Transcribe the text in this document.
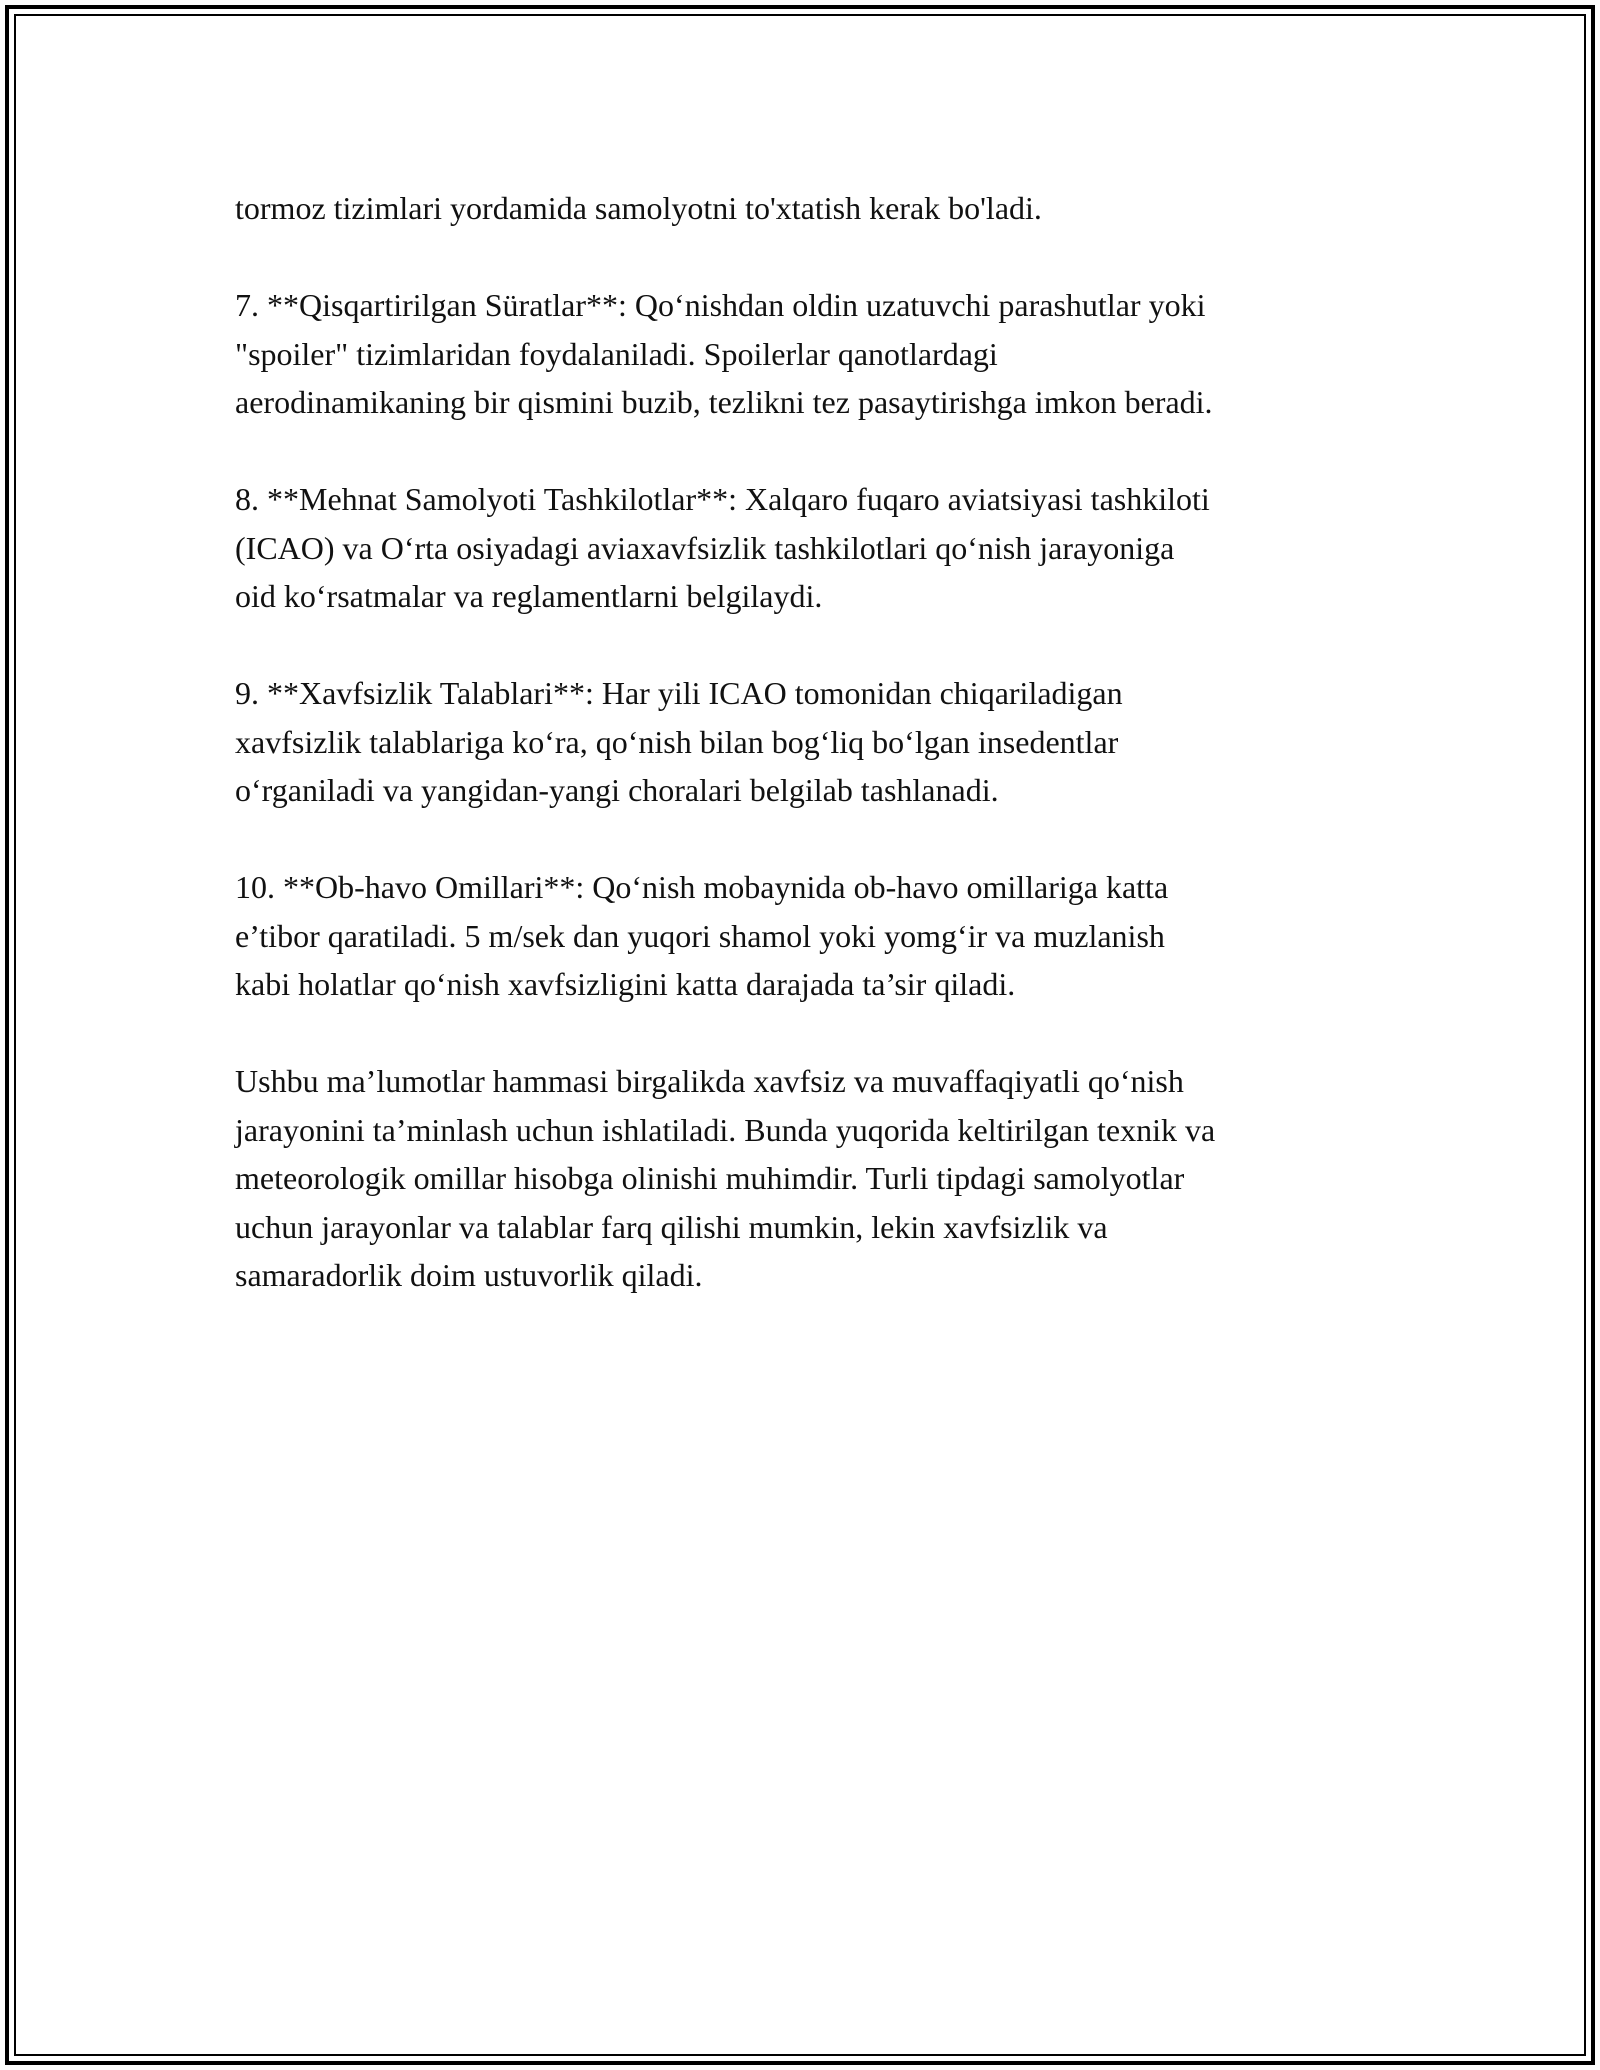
tormoz tizimlari yordamida samolyotni to'xtatish kerak bo'ladi.

7. **Qisqartirilgan Süratlar**: Qo‘nishdan oldin uzatuvchi parashutlar yoki
"spoiler" tizimlaridan foydalaniladi. Spoilerlar qanotlardagi
aerodinamikaning bir qismini buzib, tezlikni tez pasaytirishga imkon beradi.

8. **Mehnat Samolyoti Tashkilotlar**: Xalqaro fuqaro aviatsiyasi tashkiloti
(ICAO) va O‘rta osiyadagi aviaxavfsizlik tashkilotlari qo‘nish jarayoniga
oid ko‘rsatmalar va reglamentlarni belgilaydi.

9. **Xavfsizlik Talablari**: Har yili ICAO tomonidan chiqariladigan
xavfsizlik talablariga ko‘ra, qo‘nish bilan bog‘liq bo‘lgan insedentlar
o‘rganiladi va yangidan-yangi choralari belgilab tashlanadi.

10. **Ob-havo Omillari**: Qo‘nish mobaynida ob-havo omillariga katta
e’tibor qaratiladi. 5 m/sek dan yuqori shamol yoki yomg‘ir va muzlanish
kabi holatlar qo‘nish xavfsizligini katta darajada ta’sir qiladi.

Ushbu ma’lumotlar hammasi birgalikda xavfsiz va muvaffaqiyatli qo‘nish
jarayonini ta’minlash uchun ishlatiladi. Bunda yuqorida keltirilgan texnik va
meteorologik omillar hisobga olinishi muhimdir. Turli tipdagi samolyotlar
uchun jarayonlar va talablar farq qilishi mumkin, lekin xavfsizlik va
samaradorlik doim ustuvorlik qiladi.
